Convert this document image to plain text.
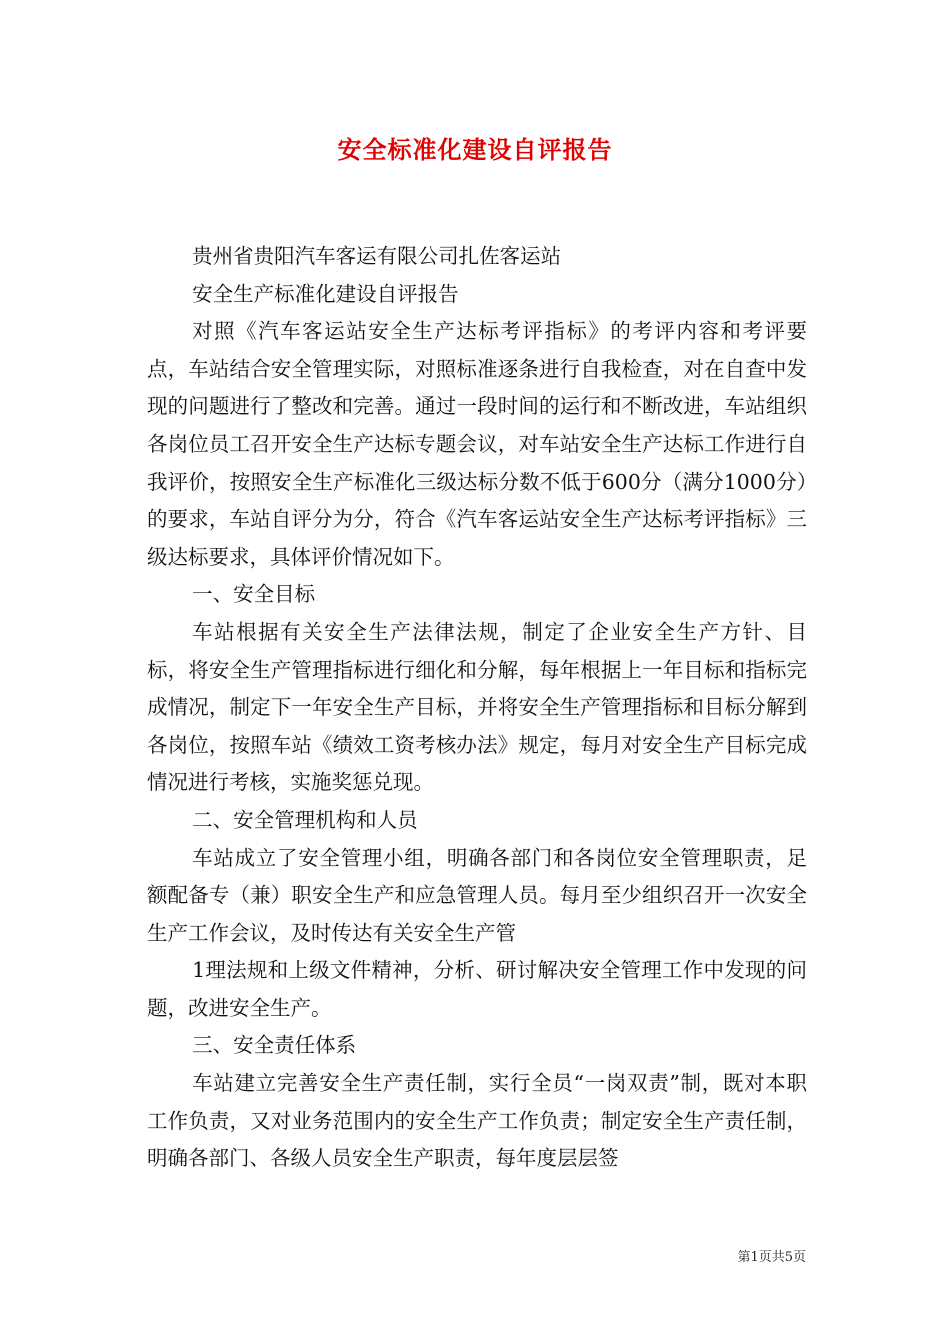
安全标准化建设自评报告

贵州省贵阳汽车客运有限公司扎佐客运站

安全生产标准化建设自评报告

对照《汽车客运站安全生产达标考评指标》的考评内容和考评要点，车站结合安全管理实际，对照标准逐条进行自我检查，对在自查中发现的问题进行了整改和完善。通过一段时间的运行和不断改进，车站组织各岗位员工召开安全生产达标专题会议，对车站安全生产达标工作进行自我评价，按照安全生产标准化三级达标分数不低于600分（满分1000分）的要求，车站自评分为分，符合《汽车客运站安全生产达标考评指标》三级达标要求，具体评价情况如下。

一、安全目标

车站根据有关安全生产法律法规，制定了企业安全生产方针、目标，将安全生产管理指标进行细化和分解，每年根据上一年目标和指标完成情况，制定下一年安全生产目标，并将安全生产管理指标和目标分解到各岗位，按照车站《绩效工资考核办法》规定，每月对安全生产目标完成情况进行考核，实施奖惩兑现。

二、安全管理机构和人员

车站成立了安全管理小组，明确各部门和各岗位安全管理职责，足额配备专（兼）职安全生产和应急管理人员。每月至少组织召开一次安全生产工作会议，及时传达有关安全生产管

1理法规和上级文件精神，分析、研讨解决安全管理工作中发现的问题，改进安全生产。

三、安全责任体系

车站建立完善安全生产责任制，实行全员“一岗双责”制，既对本职工作负责，又对业务范围内的安全生产工作负责；制定安全生产责任制，明确各部门、各级人员安全生产职责，每年度层层签

第1页共5页
